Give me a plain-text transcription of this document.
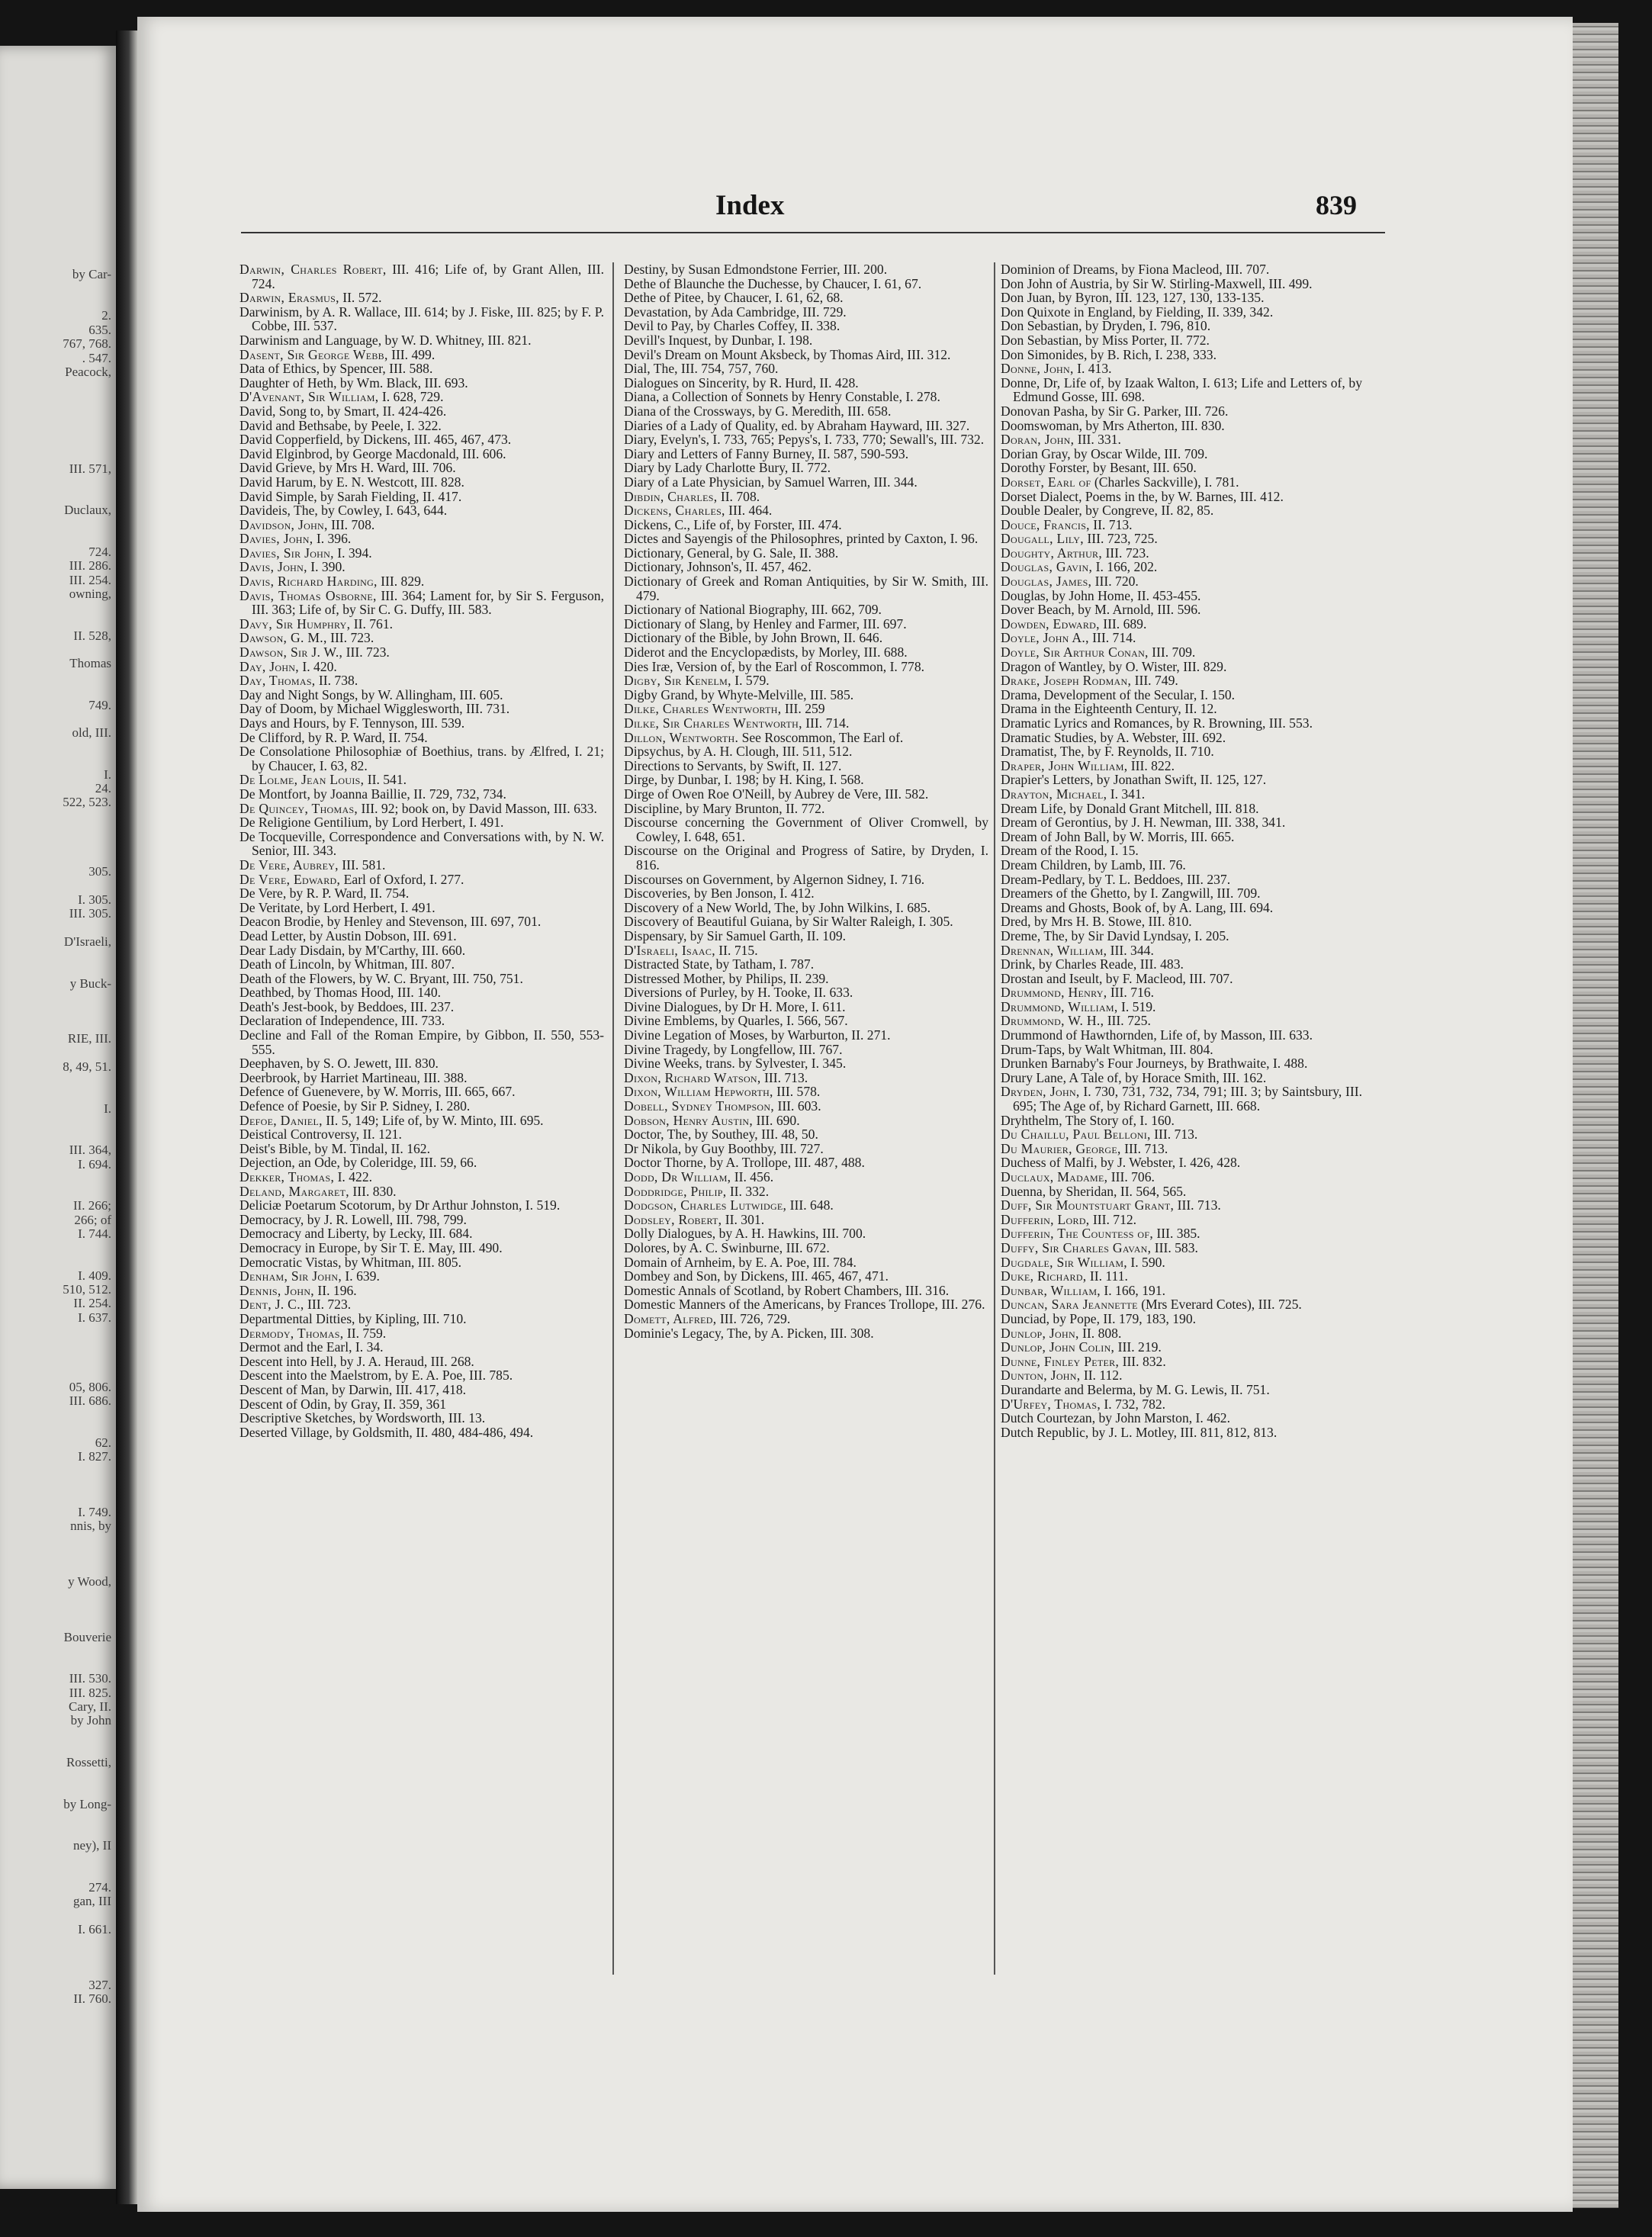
by Car-
2.
635.
767, 768.
. 547.
Peacock,
III. 571,
Duclaux,
724.
III. 286.
III. 254.
owning,
II. 528,
Thomas
749.
old, III.
I.
24.
522, 523.
305.
I. 305.
III. 305.
D'Israeli,
y Buck-
RIE, III.
8, 49, 51.
I.
III. 364,
I. 694.
II. 266;
266; of
I. 744.
I. 409.
510, 512.
II. 254.
I. 637.
05, 806.
III. 686.
62.
I. 827.
I. 749.
nnis, by
y Wood,
Bouverie
III. 530.
III. 825.
Cary, II.
by John
Rossetti,
by Long-
ney), II
274.
gan, III
I. 661.
327.
II. 760.
Index	839
Darwin, Charles Robert, III. 416; Life of, by Grant Allen, III. 724.
Darwin, Erasmus, II. 572.
Darwinism, by A. R. Wallace, III. 614; by J. Fiske, III. 825; by F. P. Cobbe, III. 537.
Darwinism and Language, by W. D. Whitney, III. 821.
Dasent, Sir George Webb, III. 499.
Data of Ethics, by Spencer, III. 588.
Daughter of Heth, by Wm. Black, III. 693.
D'Avenant, Sir William, I. 628, 729.
David, Song to, by Smart, II. 424-426.
David and Bethsabe, by Peele, I. 322.
David Copperfield, by Dickens, III. 465, 467, 473.
David Elginbrod, by George Macdonald, III. 606.
David Grieve, by Mrs H. Ward, III. 706.
David Harum, by E. N. Westcott, III. 828.
David Simple, by Sarah Fielding, II. 417.
Davideis, The, by Cowley, I. 643, 644.
Davidson, John, III. 708.
Davies, John, I. 396.
Davies, Sir John, I. 394.
Davis, John, I. 390.
Davis, Richard Harding, III. 829.
Davis, Thomas Osborne, III. 364; Lament for, by Sir S. Ferguson, III. 363; Life of, by Sir C. G. Duffy, III. 583.
Davy, Sir Humphry, II. 761.
Dawson, G. M., III. 723.
Dawson, Sir J. W., III. 723.
Day, John, I. 420.
Day, Thomas, II. 738.
Day and Night Songs, by W. Allingham, III. 605.
Day of Doom, by Michael Wigglesworth, III. 731.
Days and Hours, by F. Tennyson, III. 539.
De Clifford, by R. P. Ward, II. 754.
De Consolatione Philosophiæ of Boethius, trans. by Ælfred, I. 21; by Chaucer, I. 63, 82.
De Lolme, Jean Louis, II. 541.
De Montfort, by Joanna Baillie, II. 729, 732, 734.
De Quincey, Thomas, III. 92; book on, by David Masson, III. 633.
De Religione Gentilium, by Lord Herbert, I. 491.
De Tocqueville, Correspondence and Conversations with, by N. W. Senior, III. 343.
De Vere, Aubrey, III. 581.
De Vere, Edward, Earl of Oxford, I. 277.
De Vere, by R. P. Ward, II. 754.
De Veritate, by Lord Herbert, I. 491.
Deacon Brodie, by Henley and Stevenson, III. 697, 701.
Dead Letter, by Austin Dobson, III. 691.
Dear Lady Disdain, by M'Carthy, III. 660.
Death of Lincoln, by Whitman, III. 807.
Death of the Flowers, by W. C. Bryant, III. 750, 751.
Deathbed, by Thomas Hood, III. 140.
Death's Jest-book, by Beddoes, III. 237.
Declaration of Independence, III. 733.
Decline and Fall of the Roman Empire, by Gibbon, II. 550, 553-555.
Deephaven, by S. O. Jewett, III. 830.
Deerbrook, by Harriet Martineau, III. 388.
Defence of Guenevere, by W. Morris, III. 665, 667.
Defence of Poesie, by Sir P. Sidney, I. 280.
Defoe, Daniel, II. 5, 149; Life of, by W. Minto, III. 695.
Deistical Controversy, II. 121.
Deist's Bible, by M. Tindal, II. 162.
Dejection, an Ode, by Coleridge, III. 59, 66.
Dekker, Thomas, I. 422.
Deland, Margaret, III. 830.
Deliciæ Poetarum Scotorum, by Dr Arthur Johnston, I. 519.
Democracy, by J. R. Lowell, III. 798, 799.
Democracy and Liberty, by Lecky, III. 684.
Democracy in Europe, by Sir T. E. May, III. 490.
Democratic Vistas, by Whitman, III. 805.
Denham, Sir John, I. 639.
Dennis, John, II. 196.
Dent, J. C., III. 723.
Departmental Ditties, by Kipling, III. 710.
Dermody, Thomas, II. 759.
Dermot and the Earl, I. 34.
Descent into Hell, by J. A. Heraud, III. 268.
Descent into the Maelstrom, by E. A. Poe, III. 785.
Descent of Man, by Darwin, III. 417, 418.
Descent of Odin, by Gray, II. 359, 361
Descriptive Sketches, by Wordsworth, III. 13.
Deserted Village, by Goldsmith, II. 480, 484-486, 494.
Destiny, by Susan Edmondstone Ferrier, III. 200.
Dethe of Blaunche the Duchesse, by Chaucer, I. 61, 67.
Dethe of Pitee, by Chaucer, I. 61, 62, 68.
Devastation, by Ada Cambridge, III. 729.
Devil to Pay, by Charles Coffey, II. 338.
Devill's Inquest, by Dunbar, I. 198.
Devil's Dream on Mount Aksbeck, by Thomas Aird, III. 312.
Dial, The, III. 754, 757, 760.
Dialogues on Sincerity, by R. Hurd, II. 428.
Diana, a Collection of Sonnets by Henry Constable, I. 278.
Diana of the Crossways, by G. Meredith, III. 658.
Diaries of a Lady of Quality, ed. by Abraham Hayward, III. 327.
Diary, Evelyn's, I. 733, 765; Pepys's, I. 733, 770; Sewall's, III. 732.
Diary and Letters of Fanny Burney, II. 587, 590-593.
Diary by Lady Charlotte Bury, II. 772.
Diary of a Late Physician, by Samuel Warren, III. 344.
Dibdin, Charles, II. 708.
Dickens, Charles, III. 464.
Dickens, C., Life of, by Forster, III. 474.
Dictes and Sayengis of the Philosophres, printed by Caxton, I. 96.
Dictionary, General, by G. Sale, II. 388.
Dictionary, Johnson's, II. 457, 462.
Dictionary of Greek and Roman Antiquities, by Sir W. Smith, III. 479.
Dictionary of National Biography, III. 662, 709.
Dictionary of Slang, by Henley and Farmer, III. 697.
Dictionary of the Bible, by John Brown, II. 646.
Diderot and the Encyclopædists, by Morley, III. 688.
Dies Iræ, Version of, by the Earl of Roscommon, I. 778.
Digby, Sir Kenelm, I. 579.
Digby Grand, by Whyte-Melville, III. 585.
Dilke, Charles Wentworth, III. 259
Dilke, Sir Charles Wentworth, III. 714.
Dillon, Wentworth. See Roscommon, The Earl of.
Dipsychus, by A. H. Clough, III. 511, 512.
Directions to Servants, by Swift, II. 127.
Dirge, by Dunbar, I. 198; by H. King, I. 568.
Dirge of Owen Roe O'Neill, by Aubrey de Vere, III. 582.
Discipline, by Mary Brunton, II. 772.
Discourse concerning the Government of Oliver Cromwell, by Cowley, I. 648, 651.
Discourse on the Original and Progress of Satire, by Dryden, I. 816.
Discourses on Government, by Algernon Sidney, I. 716.
Discoveries, by Ben Jonson, I. 412.
Discovery of a New World, The, by John Wilkins, I. 685.
Discovery of Beautiful Guiana, by Sir Walter Raleigh, I. 305.
Dispensary, by Sir Samuel Garth, II. 109.
D'Israeli, Isaac, II. 715.
Distracted State, by Tatham, I. 787.
Distressed Mother, by Philips, II. 239.
Diversions of Purley, by H. Tooke, II. 633.
Divine Dialogues, by Dr H. More, I. 611.
Divine Emblems, by Quarles, I. 566, 567.
Divine Legation of Moses, by Warburton, II. 271.
Divine Tragedy, by Longfellow, III. 767.
Divine Weeks, trans. by Sylvester, I. 345.
Dixon, Richard Watson, III. 713.
Dixon, William Hepworth, III. 578.
Dobell, Sydney Thompson, III. 603.
Dobson, Henry Austin, III. 690.
Doctor, The, by Southey, III. 48, 50.
Dr Nikola, by Guy Boothby, III. 727.
Doctor Thorne, by A. Trollope, III. 487, 488.
Dodd, Dr William, II. 456.
Doddridge, Philip, II. 332.
Dodgson, Charles Lutwidge, III. 648.
Dodsley, Robert, II. 301.
Dolly Dialogues, by A. H. Hawkins, III. 700.
Dolores, by A. C. Swinburne, III. 672.
Domain of Arnheim, by E. A. Poe, III. 784.
Dombey and Son, by Dickens, III. 465, 467, 471.
Domestic Annals of Scotland, by Robert Chambers, III. 316.
Domestic Manners of the Americans, by Frances Trollope, III. 276.
Domett, Alfred, III. 726, 729.
Dominie's Legacy, The, by A. Picken, III. 308.
Dominion of Dreams, by Fiona Macleod, III. 707.
Don John of Austria, by Sir W. Stirling-Maxwell, III. 499.
Don Juan, by Byron, III. 123, 127, 130, 133-135.
Don Quixote in England, by Fielding, II. 339, 342.
Don Sebastian, by Dryden, I. 796, 810.
Don Sebastian, by Miss Porter, II. 772.
Don Simonides, by B. Rich, I. 238, 333.
Donne, John, I. 413.
Donne, Dr, Life of, by Izaak Walton, I. 613; Life and Letters of, by Edmund Gosse, III. 698.
Donovan Pasha, by Sir G. Parker, III. 726.
Doomswoman, by Mrs Atherton, III. 830.
Doran, John, III. 331.
Dorian Gray, by Oscar Wilde, III. 709.
Dorothy Forster, by Besant, III. 650.
Dorset, Earl of (Charles Sackville), I. 781.
Dorset Dialect, Poems in the, by W. Barnes, III. 412.
Double Dealer, by Congreve, II. 82, 85.
Douce, Francis, II. 713.
Dougall, Lily, III. 723, 725.
Doughty, Arthur, III. 723.
Douglas, Gavin, I. 166, 202.
Douglas, James, III. 720.
Douglas, by John Home, II. 453-455.
Dover Beach, by M. Arnold, III. 596.
Dowden, Edward, III. 689.
Doyle, John A., III. 714.
Doyle, Sir Arthur Conan, III. 709.
Dragon of Wantley, by O. Wister, III. 829.
Drake, Joseph Rodman, III. 749.
Drama, Development of the Secular, I. 150.
Drama in the Eighteenth Century, II. 12.
Dramatic Lyrics and Romances, by R. Browning, III. 553.
Dramatic Studies, by A. Webster, III. 692.
Dramatist, The, by F. Reynolds, II. 710.
Draper, John William, III. 822.
Drapier's Letters, by Jonathan Swift, II. 125, 127.
Drayton, Michael, I. 341.
Dream Life, by Donald Grant Mitchell, III. 818.
Dream of Gerontius, by J. H. Newman, III. 338, 341.
Dream of John Ball, by W. Morris, III. 665.
Dream of the Rood, I. 15.
Dream Children, by Lamb, III. 76.
Dream-Pedlary, by T. L. Beddoes, III. 237.
Dreamers of the Ghetto, by I. Zangwill, III. 709.
Dreams and Ghosts, Book of, by A. Lang, III. 694.
Dred, by Mrs H. B. Stowe, III. 810.
Dreme, The, by Sir David Lyndsay, I. 205.
Drennan, William, III. 344.
Drink, by Charles Reade, III. 483.
Drostan and Iseult, by F. Macleod, III. 707.
Drummond, Henry, III. 716.
Drummond, William, I. 519.
Drummond, W. H., III. 725.
Drummond of Hawthornden, Life of, by Masson, III. 633.
Drum-Taps, by Walt Whitman, III. 804.
Drunken Barnaby's Four Journeys, by Brathwaite, I. 488.
Drury Lane, A Tale of, by Horace Smith, III. 162.
Dryden, John, I. 730, 731, 732, 734, 791; III. 3; by Saintsbury, III. 695; The Age of, by Richard Garnett, III. 668.
Dryhthelm, The Story of, I. 160.
Du Chaillu, Paul Belloni, III. 713.
Du Maurier, George, III. 713.
Duchess of Malfi, by J. Webster, I. 426, 428.
Duclaux, Madame, III. 706.
Duenna, by Sheridan, II. 564, 565.
Duff, Sir Mountstuart Grant, III. 713.
Dufferin, Lord, III. 712.
Dufferin, The Countess of, III. 385.
Duffy, Sir Charles Gavan, III. 583.
Dugdale, Sir William, I. 590.
Duke, Richard, II. 111.
Dunbar, William, I. 166, 191.
Duncan, Sara Jeannette (Mrs Everard Cotes), III. 725.
Dunciad, by Pope, II. 179, 183, 190.
Dunlop, John, II. 808.
Dunlop, John Colin, III. 219.
Dunne, Finley Peter, III. 832.
Dunton, John, II. 112.
Durandarte and Belerma, by M. G. Lewis, II. 751.
D'Urfey, Thomas, I. 732, 782.
Dutch Courtezan, by John Marston, I. 462.
Dutch Republic, by J. L. Motley, III. 811, 812, 813.
